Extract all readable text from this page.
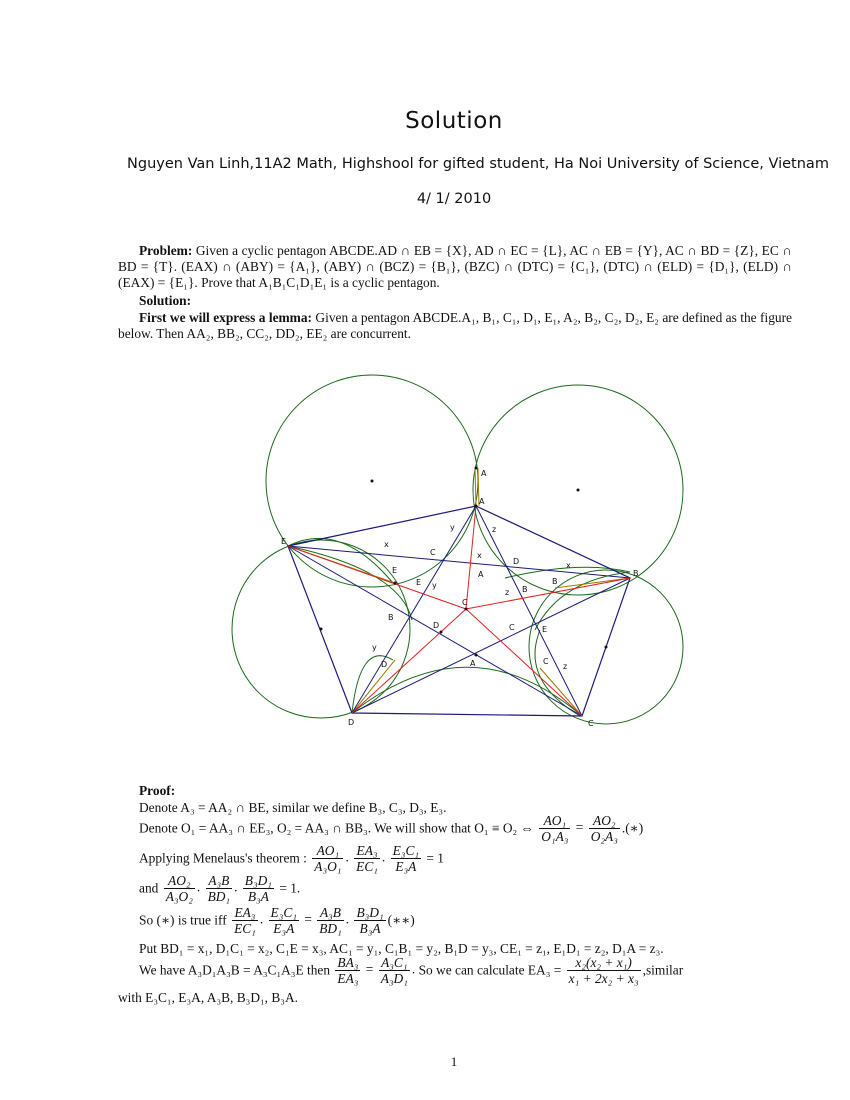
Solution
Nguyen Van Linh,11A2 Math, Highshool for gifted student, Ha Noi University of Science, Vietnam
4/ 1/ 2010
Problem: Given a cyclic pentagon ABCDE.AD ∩ EB = {X}, AD ∩ EC = {L}, AC ∩ EB = {Y}, AC ∩ BD = {Z}, EC ∩ BD = {T}. (EAX) ∩ (ABY) = {A₁}, (ABY) ∩ (BCZ) = {B₁}, (BZC) ∩ (DTC) = {C₁}, (DTC) ∩ (ELD) = {D₁}, (ELD) ∩ (EAX) = {E₁}. Prove that A₁B₁C₁D₁E₁ is a cyclic pentagon.
Solution:
First we will express a lemma: Given a pentagon ABCDE.A₁, B₁, C₁, D₁, E₁, A₂, B₂, C₂, D₂, E₂ are defined as the figure below. Then AA₂, BB₂, CC₂, DD₂, EE₂ are concurrent.
A
A
B
C
D
E
C
D
B
E
A
E
B
C
D
A
C
D
E
C
B
x
x
x
y
y
y
z
z
z
Proof:
Denote A₃ = AA₂ ∩ BE, similar we define B₃, C₃, D₃, E₃.
Denote O₁ = AA₃ ∩ EE₃, O₂ = AA₃ ∩ BB₃. We will show that O₁ ≡ O₂ ⇔ $\frac{\text{AO₁}}{\text{O₁A₃}} = \frac{\text{AO₂}}{\text{O₂A₃}}$ .(∗)
Applying Menelaus's theorem : $\frac{\text{AO₁}}{\text{A₃O₁}}$ . $\frac{\text{EA₃}}{\text{EC₁}}$ . $\frac{\text{E₃C₁}}{\text{E₃A}} = 1$
and $\frac{\text{AO₂}}{\text{A₃O₂}}$ . $\frac{\text{A₃B}}{\text{BD₁}}$ . $\frac{\text{B₃D₁}}{\text{B₃A}} = 1$.
So (∗) is true iff $\frac{\text{EA₃}}{\text{EC₁}}$ . $\frac{\text{E₃C₁}}{\text{E₃A}} = \frac{\text{A₃B}}{\text{BD₁}}$ . $\frac{\text{B₃D₁}}{\text{B₃A}}$ (∗∗)
Put BD₁ = x₁, D₁C₁ = x₂, C₁E = x₃, AC₁ = y₁, C₁B₁ = y₂, B₁D = y₃, CE₁ = z₁, E₁D₁ = z₂, D₁A = z₃.
We have A₃D₁A₃B = A₃C₁A₃E then $\frac{\text{BA₃}}{\text{EA₃}} = \frac{\text{A₃C₁}}{\text{A₃D₁}}$ . So we can calculate $EA_3 = \frac{\text{x₂(x₂ + x₁)}}{\text{x₁ + 2x₂ + x₃}}$ ,similar
with E₃C₁, E₃A, A₃B, B₃D₁, B₃A.
1
